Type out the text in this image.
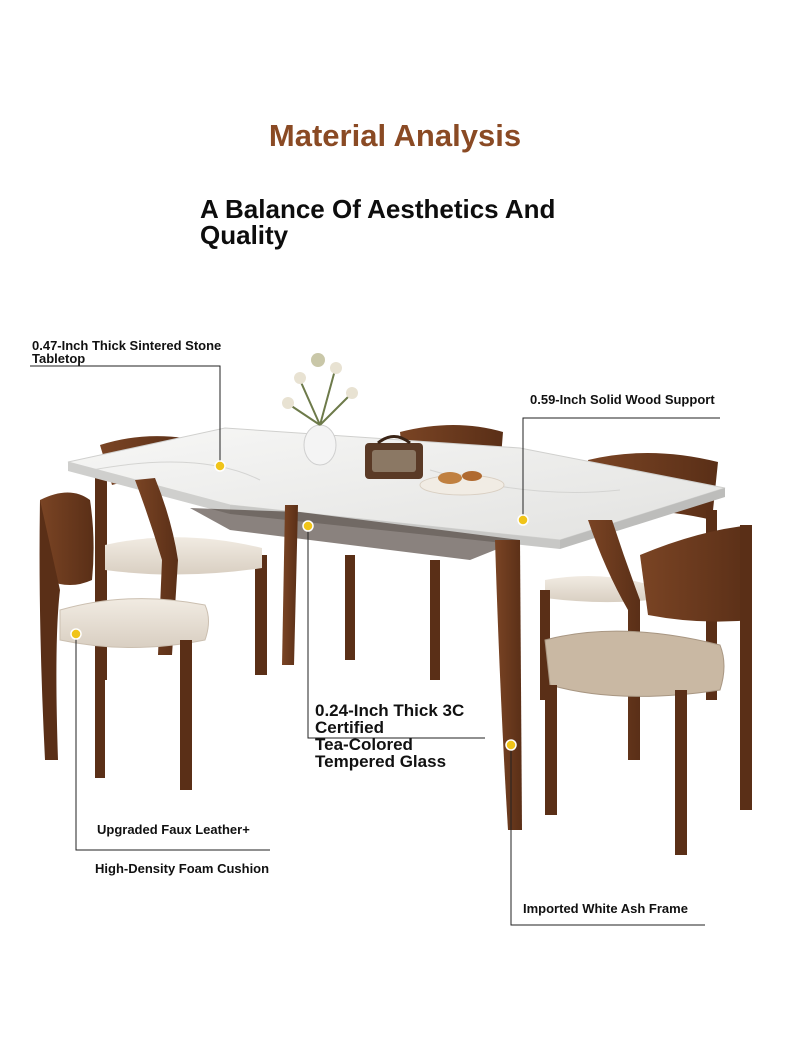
Material Analysis
A Balance Of Aesthetics And
Quality
0.47-Inch Thick Sintered Stone
Tabletop
0.59-Inch Solid Wood Support
0.24-Inch Thick 3C
Certified
Tea-Colored
Tempered Glass
Upgraded Faux Leather+
High-Density Foam Cushion
Imported White Ash Frame
